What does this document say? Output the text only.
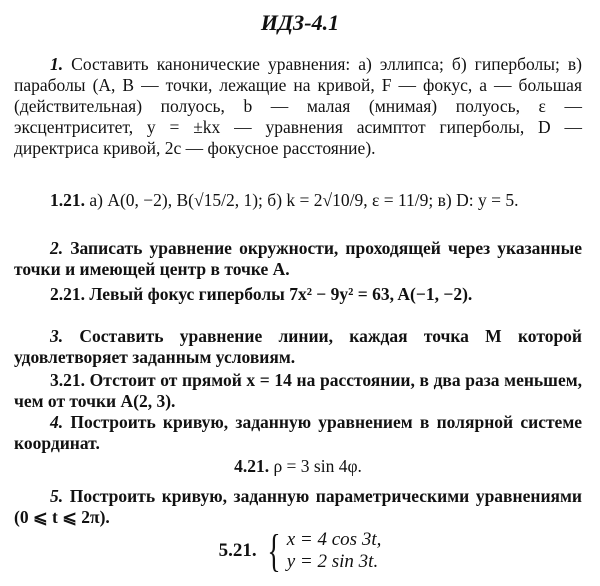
ИДЗ-4.1
1. Составить канонические уравнения: а) эллипса; б) гиперболы; в) параболы (A, B — точки, лежащие на кривой, F — фокус, a — большая (действительная) полуось, b — малая (мнимая) полуось, ε — эксцентриситет, y = ±kx — уравнения асимптот гиперболы, D — директриса кривой, 2c — фокусное расстояние).
1.21. а) A(0, −2), B(√15/2, 1); б) k = 2√10/9, ε = 11/9; в) D: y = 5.
2. Записать уравнение окружности, проходящей через указанные точки и имеющей центр в точке A.
2.21. Левый фокус гиперболы 7x² − 9y² = 63, A(−1, −2).
3. Составить уравнение линии, каждая точка M которой удовлетворяет заданным условиям.
3.21. Отстоит от прямой x = 14 на расстоянии, в два раза меньшем, чем от точки A(2, 3).
4. Построить кривую, заданную уравнением в полярной системе координат.
4.21. ρ = 3 sin 4φ.
5. Построить кривую, заданную параметрическими уравнениями (0 ⩽ t ⩽ 2π).
5.21. { x = 4 cos 3t,
y = 2 sin 3t.
